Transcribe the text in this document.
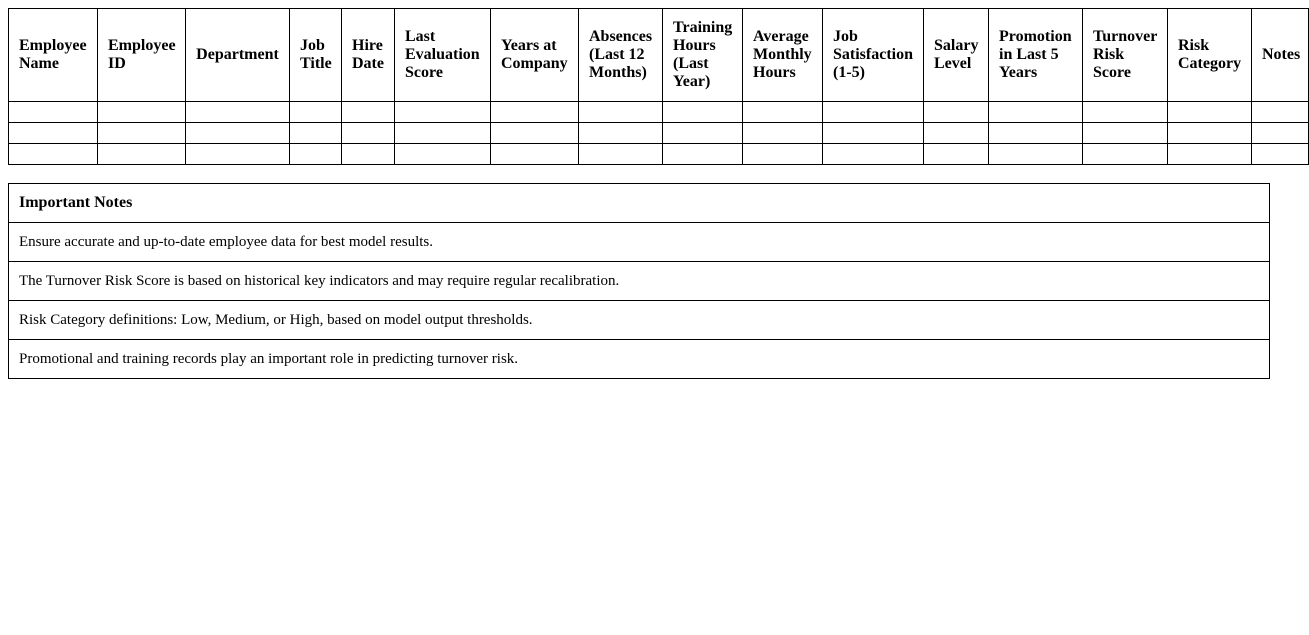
Employee Name	Employee ID	Department	Job Title	Hire Date	Last Evaluation Score	Years at Company	Absences (Last 12 Months)	Training Hours (Last Year)	Average Monthly Hours	Job Satisfaction (1-5)	Salary Level	Promotion in Last 5 Years	Turnover Risk Score	Risk Category	Notes

Important Notes
Ensure accurate and up-to-date employee data for best model results.
The Turnover Risk Score is based on historical key indicators and may require regular recalibration.
Risk Category definitions: Low, Medium, or High, based on model output thresholds.
Promotional and training records play an important role in predicting turnover risk.
